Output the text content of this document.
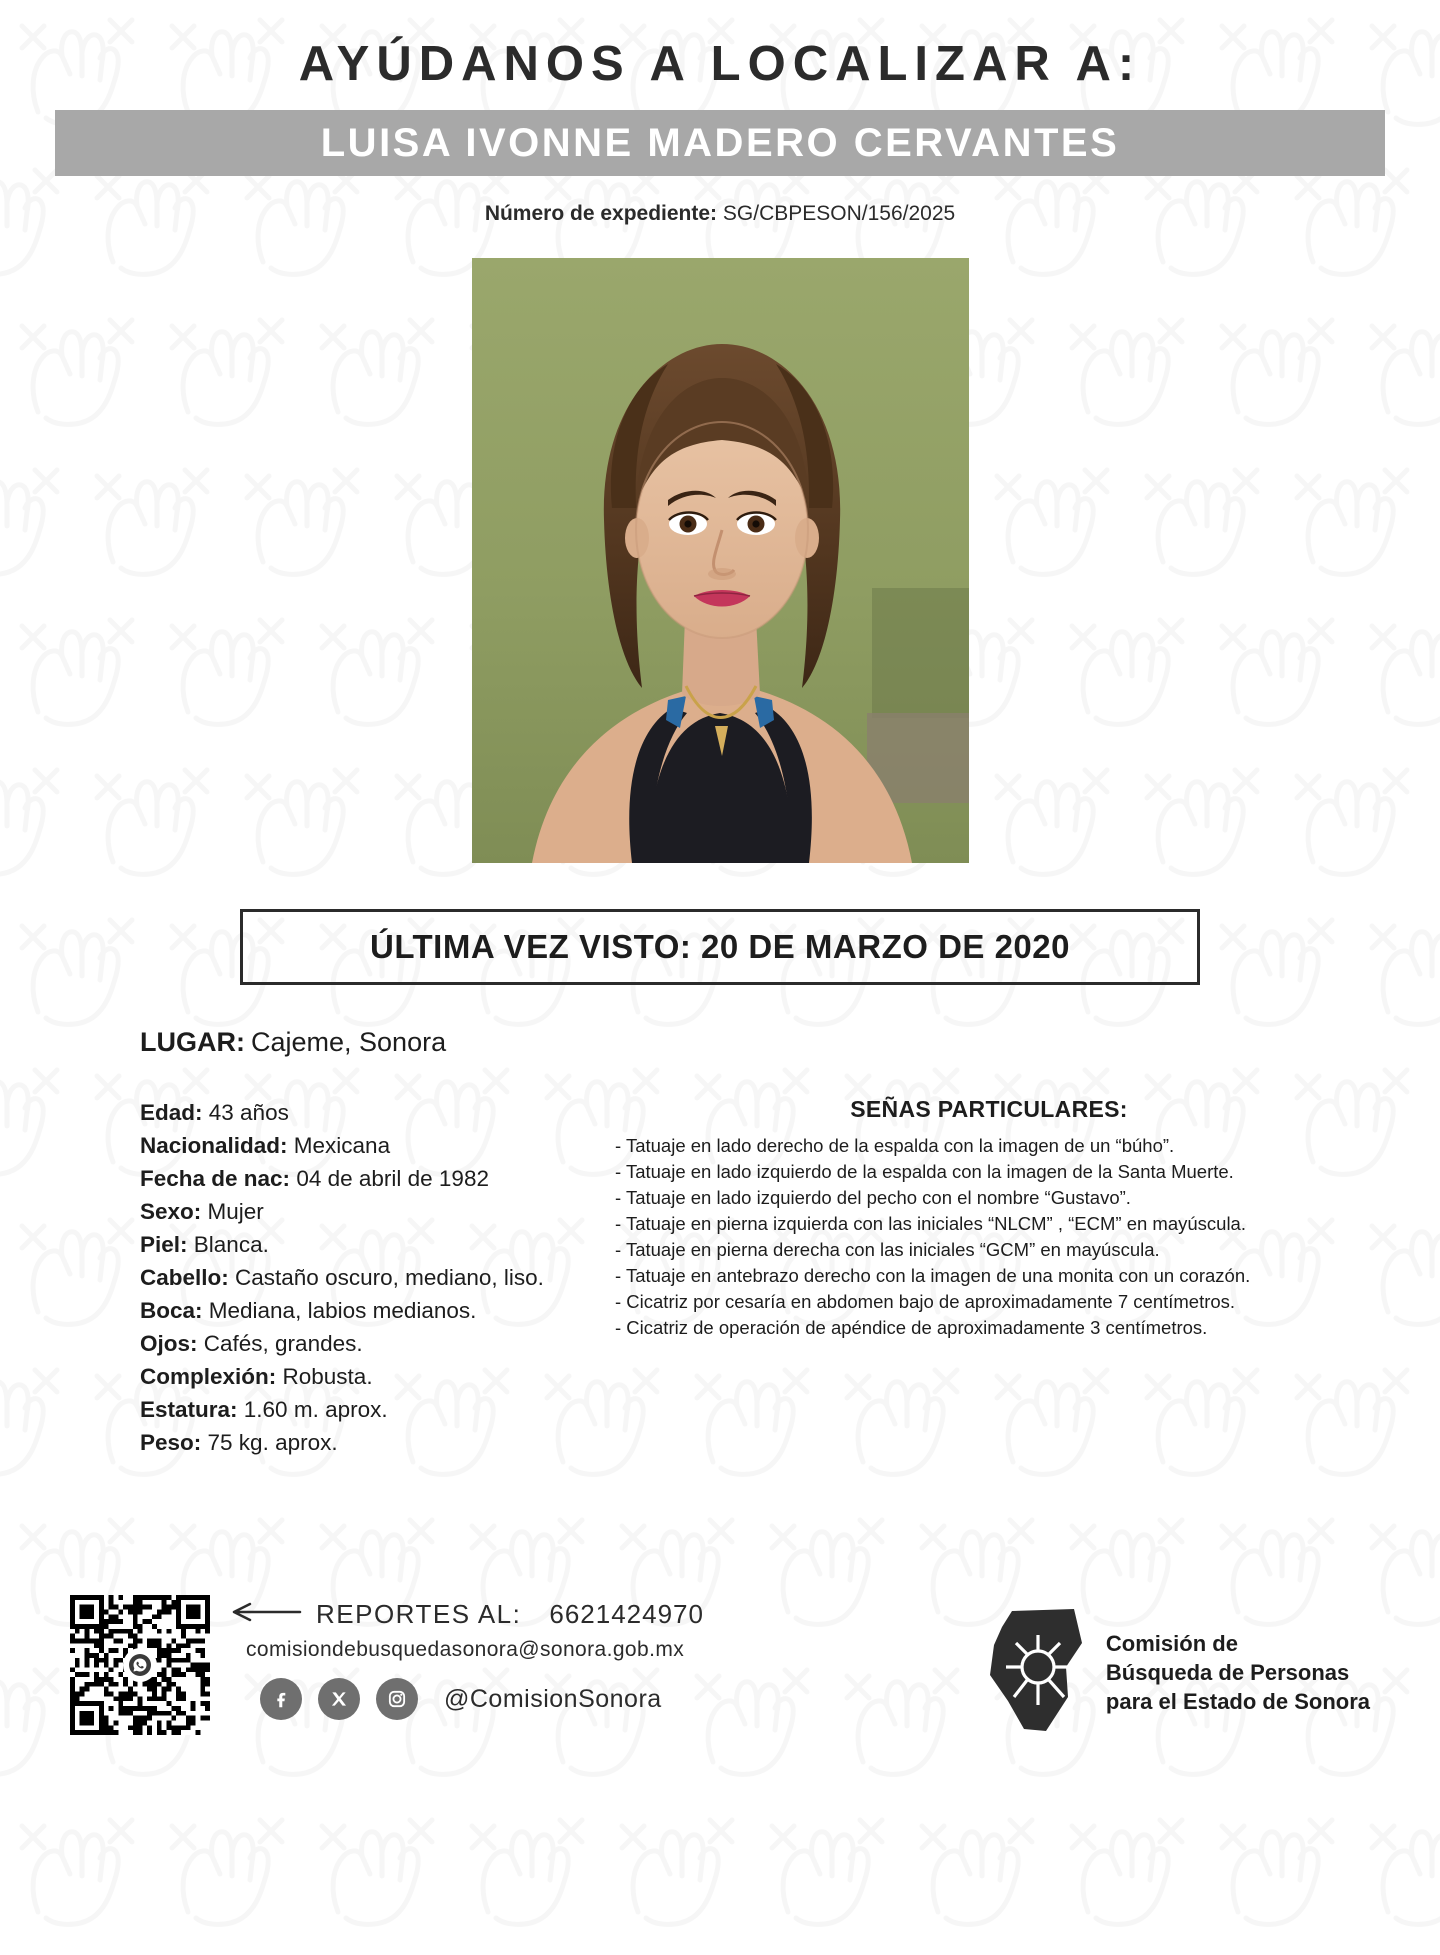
AYÚDANOS A LOCALIZAR A:
LUISA IVONNE MADERO CERVANTES
Número de expediente: SG/CBPESON/156/2025
ÚLTIMA VEZ VISTO: 20 DE MARZO DE 2020
LUGAR: Cajeme, Sonora
Edad: 43 años
Nacionalidad: Mexicana
Fecha de nac: 04 de abril de 1982
Sexo: Mujer
Piel: Blanca.
Cabello: Castaño oscuro, mediano, liso.
Boca: Mediana, labios medianos.
Ojos: Cafés, grandes.
Complexión: Robusta.
Estatura: 1.60 m. aprox.
Peso: 75 kg. aprox.
SEÑAS PARTICULARES:
- Tatuaje en lado derecho de la espalda con la imagen de un “búho”.
- Tatuaje en lado izquierdo de la espalda con la imagen de la Santa Muerte.
- Tatuaje en lado izquierdo del pecho con el nombre “Gustavo”.
- Tatuaje en pierna izquierda con las iniciales “NLCM” , “ECM” en mayúscula.
- Tatuaje en pierna derecha con las iniciales “GCM” en mayúscula.
- Tatuaje en antebrazo derecho con la imagen de una monita con un corazón.
- Cicatriz por cesaría en abdomen bajo de aproximadamente 7 centímetros.
- Cicatriz de operación de apéndice de aproximadamente 3 centímetros.
REPORTES AL: 6621424970
comisiondebusquedasonora@sonora.gob.mx
@ComisionSonora
Comisión de
Búsqueda de Personas
para el Estado de Sonora
